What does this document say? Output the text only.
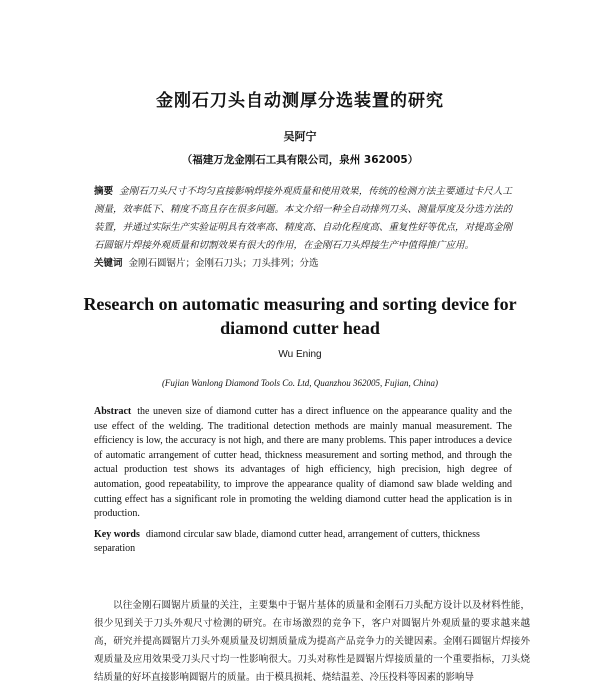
金刚石刀头自动测厚分选装置的研究
吴阿宁
（福建万龙金刚石工具有限公司，泉州 362005）
摘要 金刚石刀头尺寸不均匀直接影响焊接外观质量和使用效果，传统的检测方法主要通过卡尺人工测量，效率低下、精度不高且存在很多问题。本文介绍一种全自动排列刀头、测量厚度及分选方法的装置，并通过实际生产实验证明具有效率高、精度高、自动化程度高、重复性好等优点，对提高金刚石圆锯片焊接外观质量和切割效果有很大的作用，在金刚石刀头焊接生产中值得推广应用。
关键词 金刚石圆锯片；金刚石刀头；刀头排列；分选
Research on automatic measuring and sorting device for diamond cutter head
Wu Ening
(Fujian Wanlong Diamond Tools Co. Ltd, Quanzhou 362005, Fujian, China)
Abstract the uneven size of diamond cutter has a direct influence on the appearance quality and the use effect of the welding. The traditional detection methods are mainly manual measurement. The efficiency is low, the accuracy is not high, and there are many problems. This paper introduces a device of automatic arrangement of cutter head, thickness measurement and sorting method, and through the actual production test shows its advantages of high efficiency, high precision, high degree of automation, good repeatability, to improve the appearance quality of diamond saw blade welding and cutting effect has a significant role in promoting the welding diamond cutter head the application is in production.
Key words diamond circular saw blade, diamond cutter head, arrangement of cutters, thickness separation
以往金刚石圆锯片质量的关注，主要集中于锯片基体的质量和金刚石刀头配方设计以及材料性能，很少见到关于刀头外观尺寸检测的研究。在市场激烈的竞争下，客户对圆锯片外观质量的要求越来越高，研究并提高圆锯片刀头外观质量及切割质量成为提高产品竞争力的关键因素。金刚石圆锯片焊接外观质量及应用效果受刀头尺寸均一性影响很大。刀头对称性是圆锯片焊接质量的一个重要指标，刀头烧结质量的好坏直接影响圆锯片的质量。由于模具损耗、烧结温差、冷压投料等因素的影响导
